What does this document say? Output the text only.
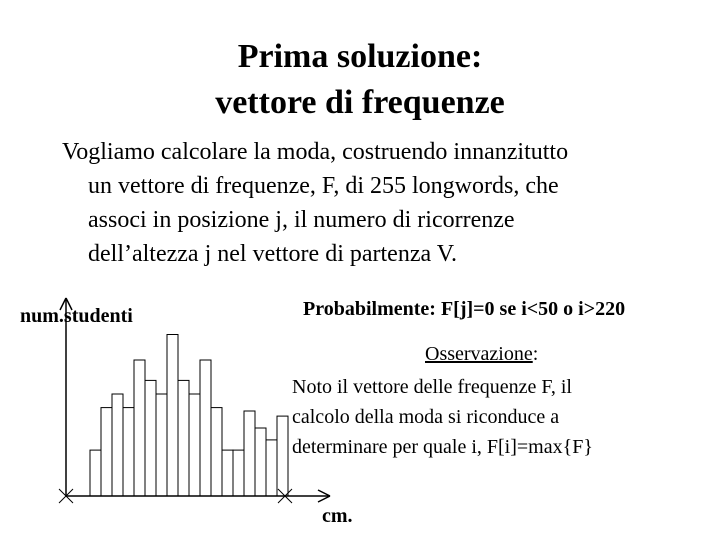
Prima soluzione:
vettore di frequenze
Vogliamo calcolare la moda, costruendo innanzitutto
un vettore di frequenze, F, di 255 longwords, che
associ in posizione j, il numero di ricorrenze
dell’altezza j nel vettore di partenza V.
num.studenti
cm.
Probabilmente: F[j]=0 se i<50 o i>220
Osservazione:
Noto il vettore delle frequenze F, il
calcolo della moda si riconduce a
determinare per quale i, F[i]=max{F}
